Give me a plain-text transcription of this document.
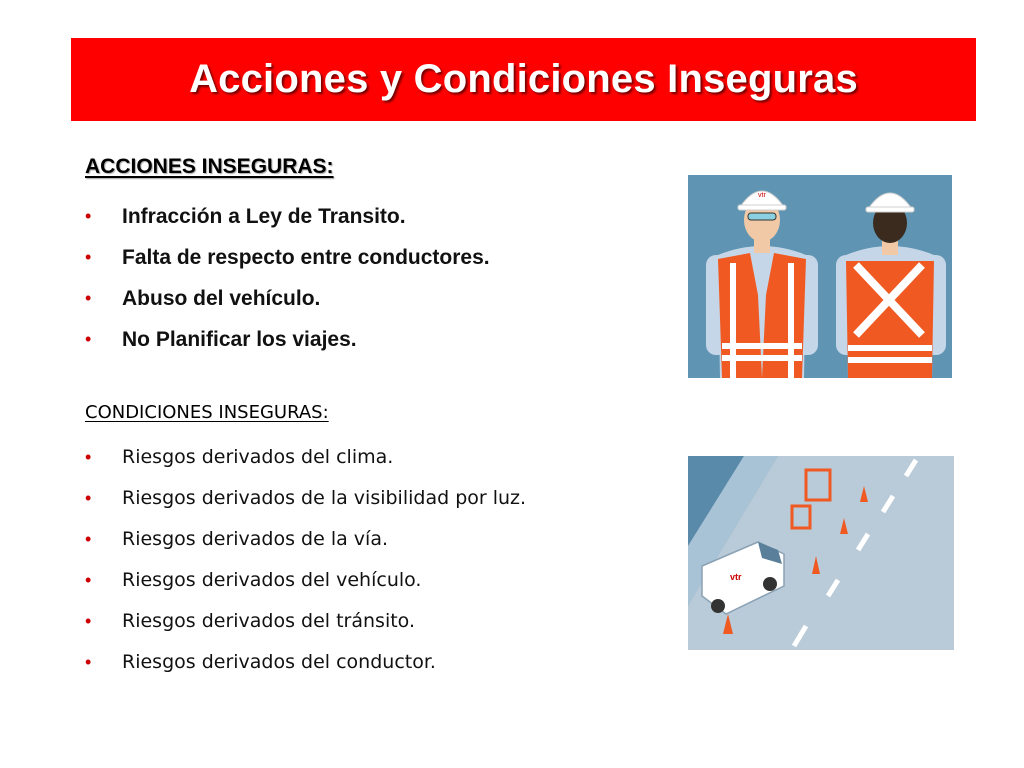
Acciones y Condiciones Inseguras
ACCIONES INSEGURAS:
•	Infracción a Ley de Transito.
•	Falta de respecto entre conductores.
•	Abuso del vehículo.
•	No Planificar los viajes.
CONDICIONES INSEGURAS:
•	Riesgos derivados del clima.
•	Riesgos derivados de la visibilidad por luz.
•	Riesgos derivados de la vía.
•	Riesgos derivados del vehículo.
•	Riesgos derivados del tránsito.
•	Riesgos derivados del conductor.
vtr
vtr
